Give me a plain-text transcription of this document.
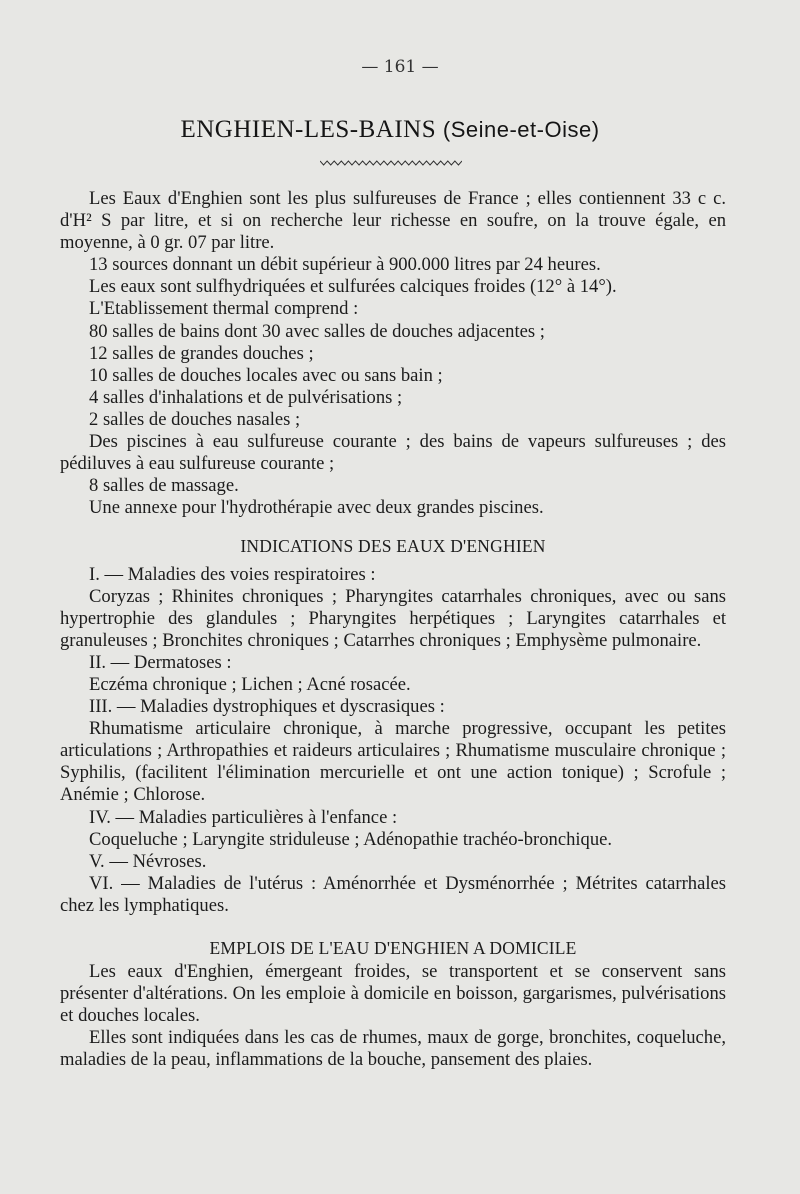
— 161 —
ENGHIEN-LES-BAINS (Seine-et-Oise)

Les Eaux d'Enghien sont les plus sulfureuses de France ; elles contiennent 33 c c. d'H² S par litre, et si on recherche leur richesse en soufre, on la trouve égale, en moyenne, à 0 gr. 07 par litre.

13 sources donnant un débit supérieur à 900.000 litres par 24 heures.

Les eaux sont sulfhydriquées et sulfurées calciques froides (12° à 14°).

L'Etablissement thermal comprend :

80 salles de bains dont 30 avec salles de douches adjacentes ;

12 salles de grandes douches ;

10 salles de douches locales avec ou sans bain ;

4 salles d'inhalations et de pulvérisations ;

2 salles de douches nasales ;

Des piscines à eau sulfureuse courante ; des bains de vapeurs sulfureuses ; des pédiluves à eau sulfureuse courante ;

8 salles de massage.

Une annexe pour l'hydrothérapie avec deux grandes piscines.

INDICATIONS DES EAUX D'ENGHIEN

I. — Maladies des voies respiratoires :

Coryzas ; Rhinites chroniques ; Pharyngites catarrhales chroniques, avec ou sans hypertrophie des glandules ; Pharyngites herpétiques ; Laryngites catarrhales et granuleuses ; Bronchites chroniques ; Catarrhes chroniques ; Emphysème pulmonaire.

II. — Dermatoses :

Eczéma chronique ; Lichen ; Acné rosacée.

III. — Maladies dystrophiques et dyscrasiques :

Rhumatisme articulaire chronique, à marche progressive, occupant les petites articulations ; Arthropathies et raideurs articulaires ; Rhumatisme musculaire chronique ; Syphilis, (facilitent l'élimination mercurielle et ont une action tonique) ; Scrofule ; Anémie ; Chlorose.

IV. — Maladies particulières à l'enfance :

Coqueluche ; Laryngite striduleuse ; Adénopathie trachéo-bronchique.

V. — Névroses.

VI. — Maladies de l'utérus : Aménorrhée et Dysménorrhée ; Métrites catarrhales chez les lymphatiques.

EMPLOIS DE L'EAU D'ENGHIEN A DOMICILE

Les eaux d'Enghien, émergeant froides, se transportent et se conservent sans présenter d'altérations. On les emploie à domicile en boisson, gargarismes, pulvérisations et douches locales.

Elles sont indiquées dans les cas de rhumes, maux de gorge, bronchites, coqueluche, maladies de la peau, inflammations de la bouche, pansement des plaies.
